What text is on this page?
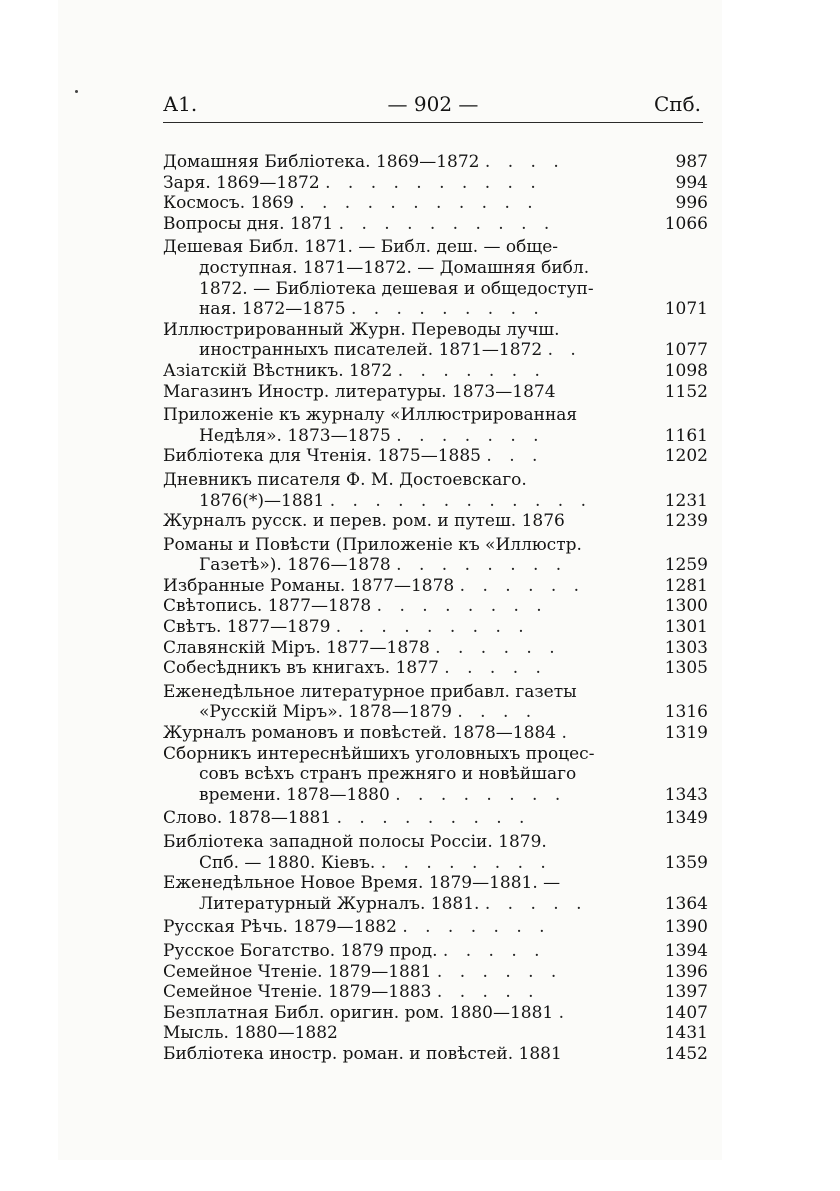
А1.	— 902 —	Спб.
Домашняя Библіотека. 1869—1872 . . . .	987
Заря. 1869—1872 . . . . . . . . . .	994
Космосъ. 1869 . . . . . . . . . . .	996
Вопросы дня. 1871 . . . . . . . . . .	1066
Дешевая Библ. 1871. — Библ. деш. — обще-
доступная. 1871—1872. — Домашняя библ.
1872. — Библіотека дешевая и общедоступ-
ная. 1872—1875 . . . . . . . . .	1071
Иллюстрированный Журн. Переводы лучш.
иностранныхъ писателей. 1871—1872 . .	1077
Азіатскій Вѣстникъ. 1872 . . . . . . .	1098
Магазинъ Иностр. литературы. 1873—1874	1152
Приложеніе къ журналу «Иллюстрированная
Недѣля». 1873—1875 . . . . . . .	1161
Библіотека для Чтенія. 1875—1885 . . .	1202
Дневникъ писателя Ф. М. Достоевскаго.
1876(*)—1881 . . . . . . . . . . . .	1231
Журналъ русск. и перев. ром. и путеш. 1876	1239
Романы и Повѣсти (Приложеніе къ «Иллюстр.
Газетѣ»). 1876—1878 . . . . . . . .	1259
Избранные Романы. 1877—1878 . . . . . .	1281
Свѣтопись. 1877—1878 . . . . . . . .	1300
Свѣтъ. 1877—1879 . . . . . . . . .	1301
Славянскій Міръ. 1877—1878 . . . . . .	1303
Собесѣдникъ въ книгахъ. 1877 . . . . .	1305
Еженедѣльное литературное прибавл. газеты
«Русскій Міръ». 1878—1879 . . . .	1316
Журналъ романовъ и повѣстей. 1878—1884 .	1319
Сборникъ интереснѣйшихъ уголовныхъ процес-
совъ всѣхъ странъ прежняго и новѣйшаго
времени. 1878—1880 . . . . . . . .	1343
Слово. 1878—1881 . . . . . . . . .	1349
Библіотека западной полосы Россіи. 1879.
Спб. — 1880. Кіевъ. . . . . . . . .	1359
Еженедѣльное Новое Время. 1879—1881. —
Литературный Журналъ. 1881. . . . . .	1364
Русская Рѣчь. 1879—1882 . . . . . . .	1390
Русское Богатство. 1879 прод. . . . . .	1394
Семейное Чтеніе. 1879—1881 . . . . . .	1396
Семейное Чтеніе. 1879—1883 . . . . .	1397
Безплатная Библ. оригин. ром. 1880—1881 .	1407
Мысль. 1880—1882	1431
Библіотека иностр. роман. и повѣстей. 1881	1452
